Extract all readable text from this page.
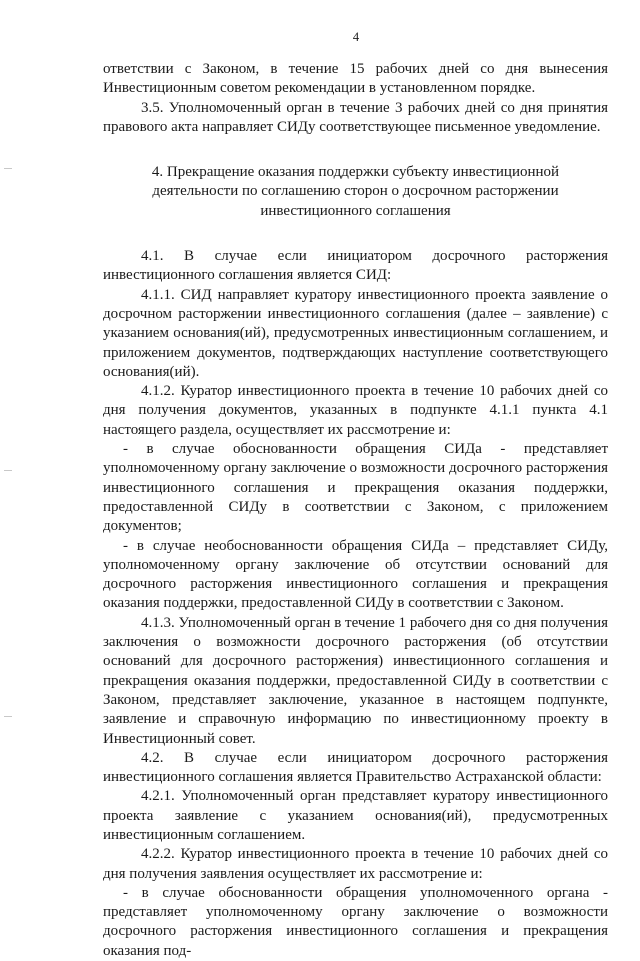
4

ответствии с Законом, в течение 15 рабочих дней со дня вынесения Инвестиционным советом рекомендации в установленном порядке.

3.5. Уполномоченный орган в течение 3 рабочих дней со дня принятия правового акта направляет СИДу соответствующее письменное уведомление.

4. Прекращение оказания поддержки субъекту инвестиционной деятельности по соглашению сторон о досрочном расторжении инвестиционного соглашения

4.1. В случае если инициатором досрочного расторжения инвестиционного соглашения является СИД:

4.1.1. СИД направляет куратору инвестиционного проекта заявление о досрочном расторжении инвестиционного соглашения (далее – заявление) с указанием основания(ий), предусмотренных инвестиционным соглашением, и приложением документов, подтверждающих наступление соответствующего основания(ий).

4.1.2. Куратор инвестиционного проекта в течение 10 рабочих дней со дня получения документов, указанных в подпункте 4.1.1 пункта 4.1 настоящего раздела, осуществляет их рассмотрение и:

- в случае обоснованности обращения СИДа - представляет уполномоченному органу заключение о возможности досрочного расторжения инвестиционного соглашения и прекращения оказания поддержки, предоставленной СИДу в соответствии с Законом, с приложением документов;

- в случае необоснованности обращения СИДа – представляет СИДу, уполномоченному органу заключение об отсутствии оснований для досрочного расторжения инвестиционного соглашения и прекращения оказания поддержки, предоставленной СИДу в соответствии с Законом.

4.1.3. Уполномоченный орган в течение 1 рабочего дня со дня получения заключения о возможности досрочного расторжения (об отсутствии оснований для досрочного расторжения) инвестиционного соглашения и прекращения оказания поддержки, предоставленной СИДу в соответствии с Законом, представляет заключение, указанное в настоящем подпункте, заявление и справочную информацию по инвестиционному проекту в Инвестиционный совет.

4.2. В случае если инициатором досрочного расторжения инвестиционного соглашения является Правительство Астраханской области:

4.2.1. Уполномоченный орган представляет куратору инвестиционного проекта заявление с указанием основания(ий), предусмотренных инвестиционным соглашением.

4.2.2. Куратор инвестиционного проекта в течение 10 рабочих дней со дня получения заявления осуществляет их рассмотрение и:

- в случае обоснованности обращения уполномоченного органа - представляет уполномоченному органу заключение о возможности досрочного расторжения инвестиционного соглашения и прекращения оказания под-
